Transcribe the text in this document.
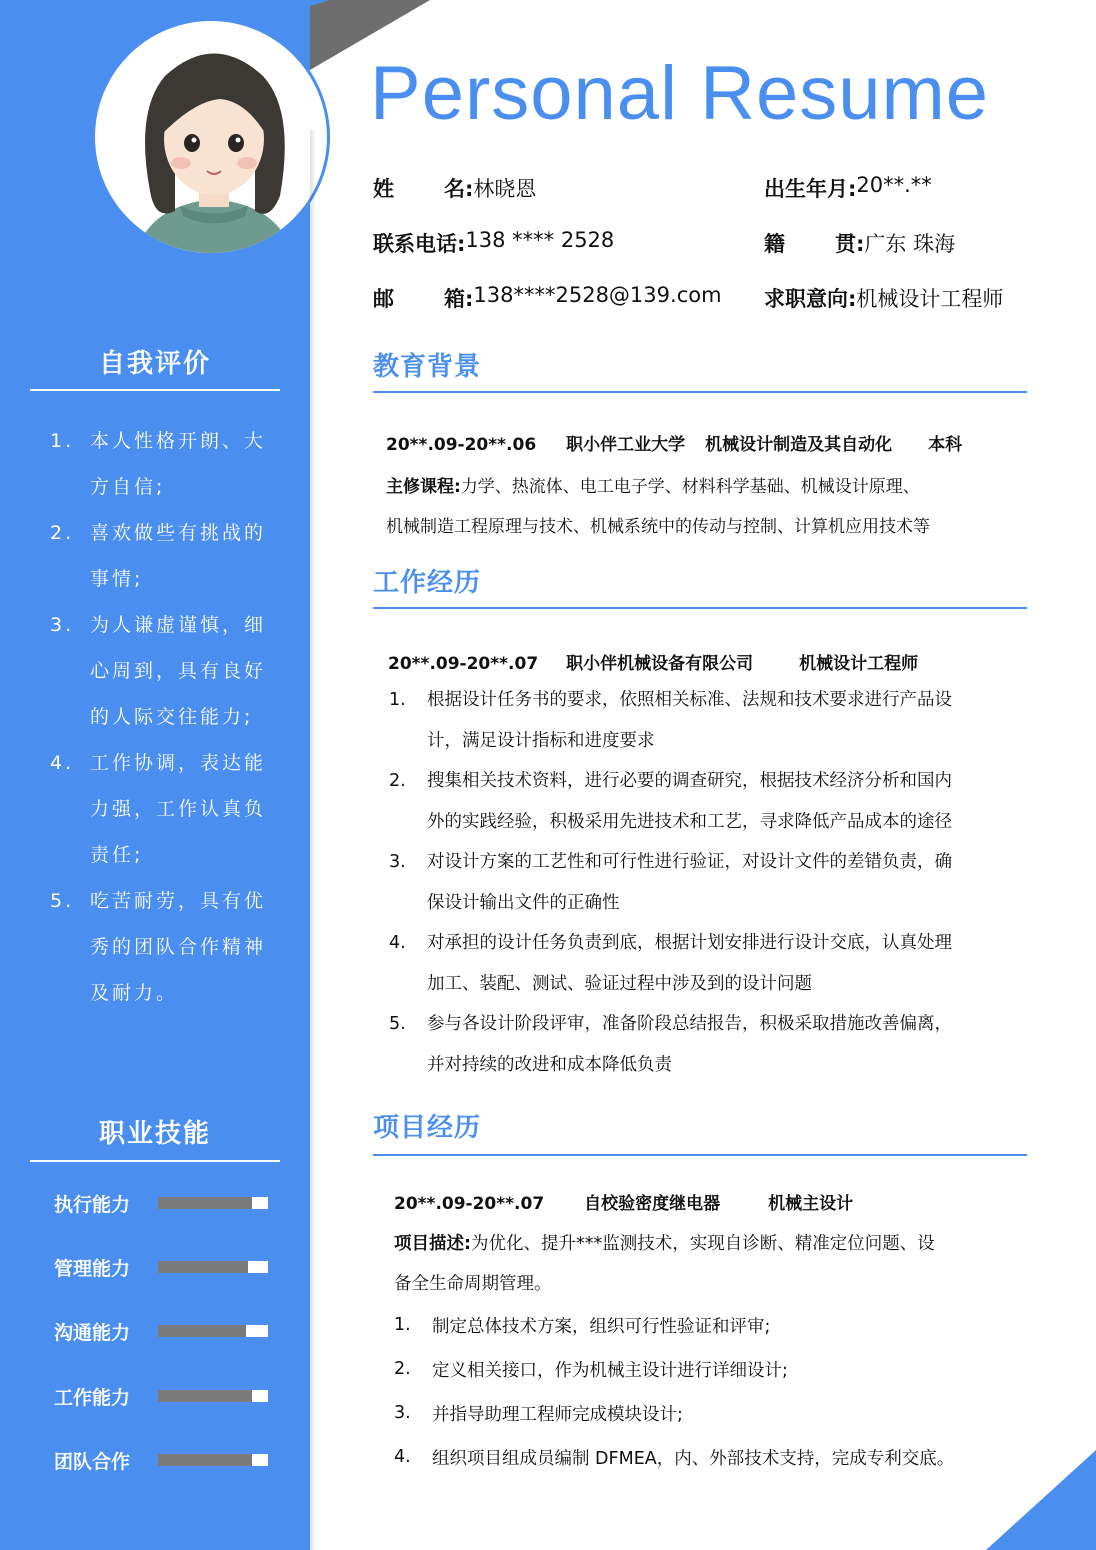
自我评价
1. 本人性格开朗、大方自信;
2. 喜欢做些有挑战的事情;
3. 为人谦虚谨慎，细心周到，具有良好的人际交往能力;
4. 工作协调，表达能力强，工作认真负责任;
5. 吃苦耐劳，具有优秀的团队合作精神及耐力。
职业技能
执行能力
管理能力
沟通能力
工作能力
团队合作
Personal Resume
姓 名: 林晓恩	出生年月: 20**.**
联系电话: 138 **** 2528	籍 贯: 广东 珠海
邮 箱: 138****2528@139.com 求职意向: 机械设计工程师
教育背景
20**.09-20**.06 职小伴工业大学 机械设计制造及其自动化 本科
主修课程:力学、热流体、电工电子学、材料科学基础、机械设计原理、
机械制造工程原理与技术、机械系统中的传动与控制、计算机应用技术等
工作经历
20**.09-20**.07 职小伴机械设备有限公司	机械设计工程师
1.	根据设计任务书的要求，依照相关标准、法规和技术要求进行产品设
计，满足设计指标和进度要求
2.	搜集相关技术资料，进行必要的调查研究，根据技术经济分析和国内
外的实践经验，积极采用先进技术和工艺，寻求降低产品成本的途径
3.	对设计方案的工艺性和可行性进行验证，对设计文件的差错负责，确
保设计输出文件的正确性
4.	对承担的设计任务负责到底，根据计划安排进行设计交底，认真处理
加工、装配、测试、验证过程中涉及到的设计问题
5.	参与各设计阶段评审，准备阶段总结报告，积极采取措施改善偏离，
并对持续的改进和成本降低负责
项目经历
20**.09-20**.07 自校验密度继电器	机械主设计
项目描述:为优化、提升***监测技术，实现自诊断、精准定位问题、设
备全生命周期管理。
1.	制定总体技术方案，组织可行性验证和评审;
2.	定义相关接口，作为机械主设计进行详细设计;
3.	并指导助理工程师完成模块设计;
4.	组织项目组成员编制 DFMEA，内、外部技术支持，完成专利交底。
